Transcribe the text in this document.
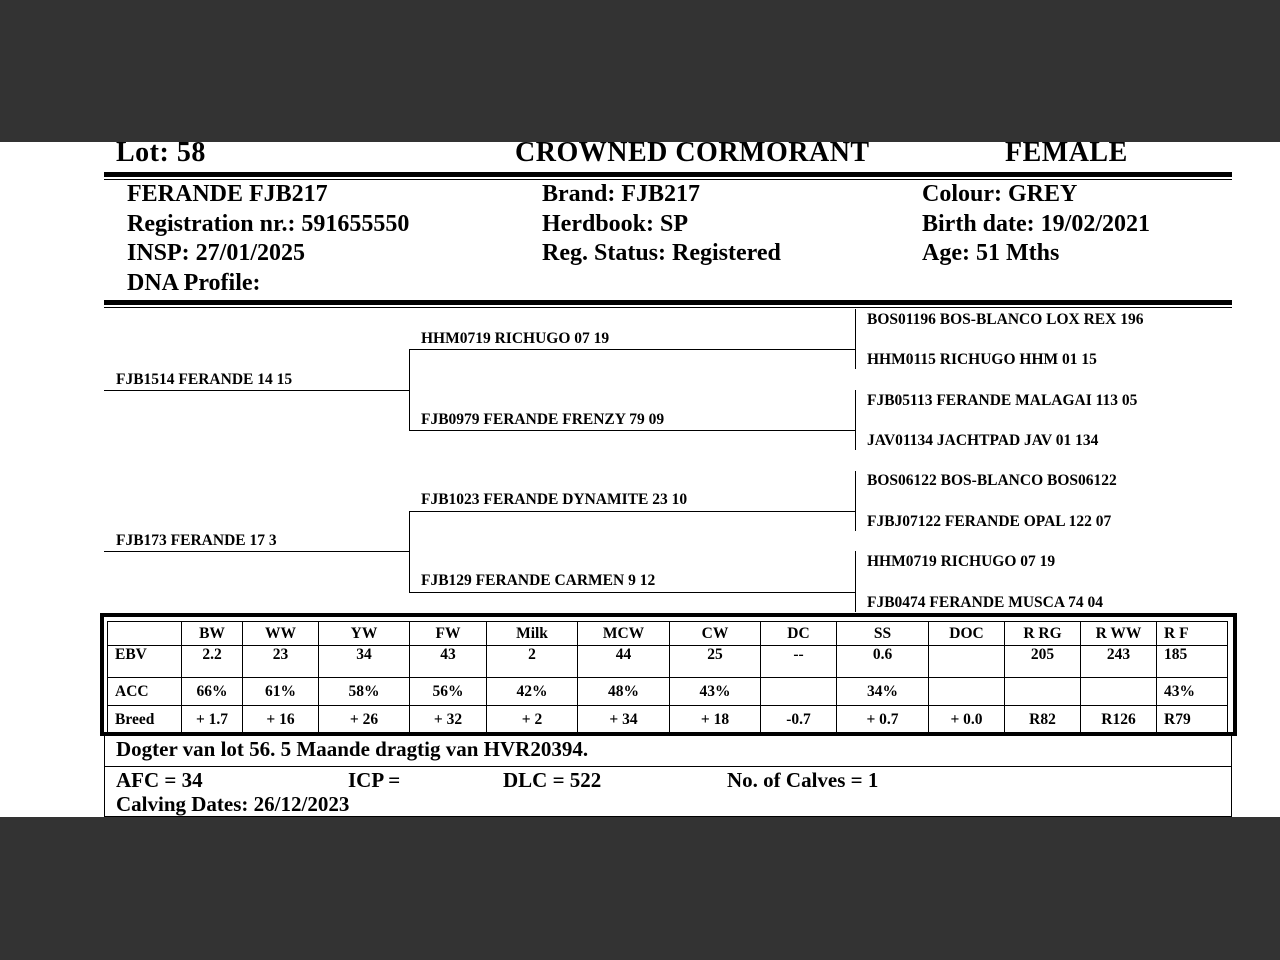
Lot: 58	CROWNED CORMORANT	FEMALE
FERANDE FJB217
Registration nr.: 591655550
INSP: 27/01/2025
DNA Profile:
Brand: FJB217
Herdbook: SP
Reg. Status: Registered
Colour: GREY
Birth date: 19/02/2021
Age: 51 Mths
FJB1514 FERANDE 14 15
FJB173 FERANDE 17 3
HHM0719 RICHUGO 07 19
FJB0979 FERANDE FRENZY 79 09
FJB1023 FERANDE DYNAMITE 23 10
FJB129 FERANDE CARMEN 9 12
BOS01196 BOS-BLANCO LOX REX 196
HHM0115 RICHUGO HHM 01 15
FJB05113 FERANDE MALAGAI 113 05
JAV01134 JACHTPAD JAV 01 134
BOS06122 BOS-BLANCO BOS06122
FJBJ07122 FERANDE OPAL 122 07
HHM0719 RICHUGO 07 19
FJB0474 FERANDE MUSCA 74 04
	BW	WW	YW	FW	Milk	MCW	CW	DC	SS	DOC	R RG	R WW	R F
EBV	2.2	23	34	43	2	44	25	--	0.6		205	243	185
ACC	66%	61%	58%	56%	42%	48%	43%		34%				43%
Breed	+ 1.7	+ 16	+ 26	+ 32	+ 2	+ 34	+ 18	-0.7	+ 0.7	+ 0.0	R82	R126	R79
Dogter van lot 56. 5 Maande dragtig van HVR20394.
AFC = 34	ICP =	DLC = 522	No. of Calves = 1
Calving Dates: 26/12/2023
